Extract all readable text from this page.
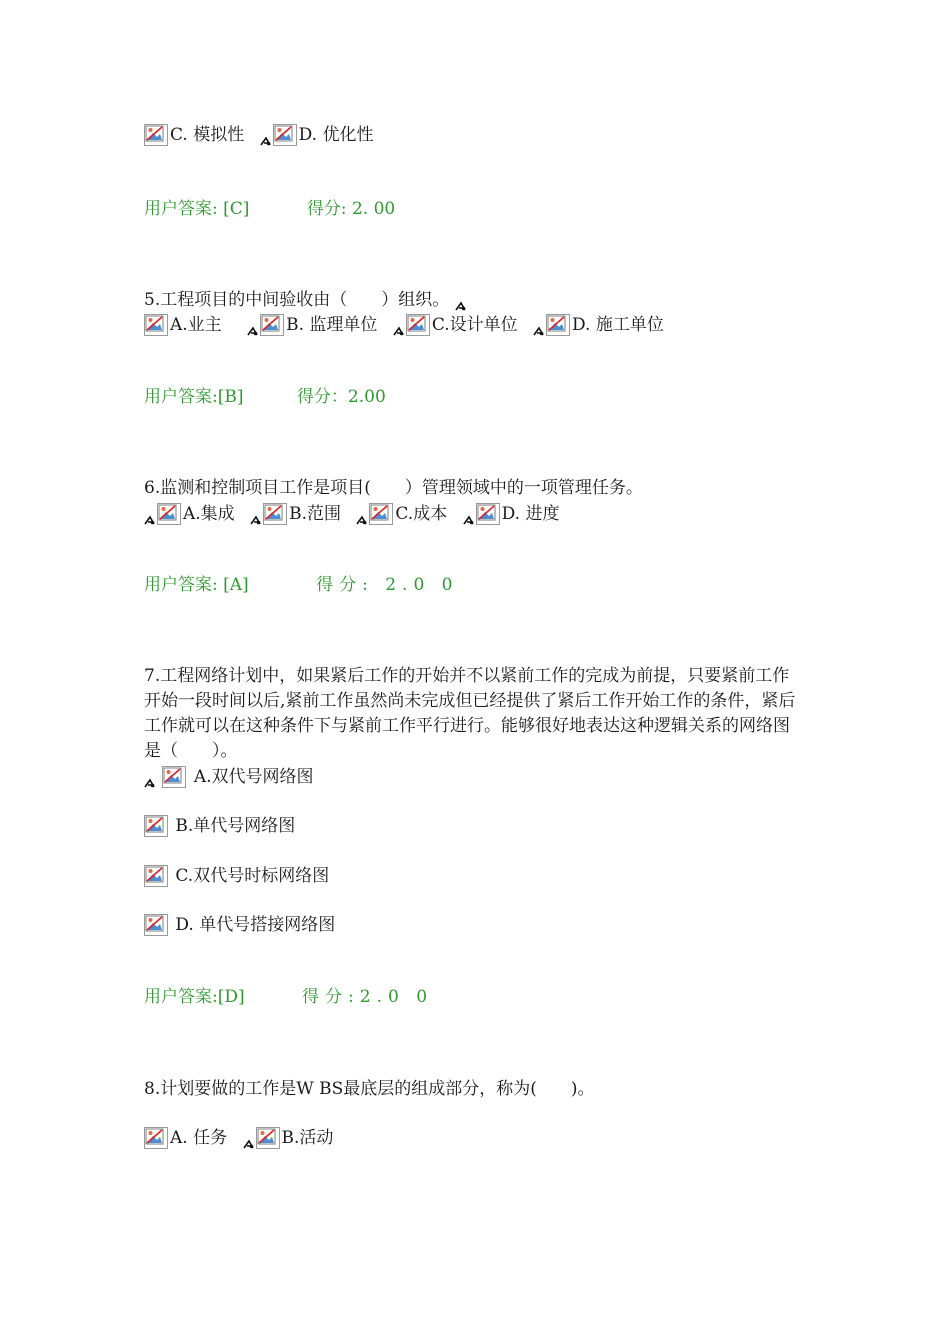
C. 模拟性
	D. 优化性
用户答案: [C]	得分: 2. 00
5.工程项目的中间验收由（　　）组织。
A.业主
	B. 监理单位
	C.设计单位
	D. 施工单位
用户答案:[B]	得分：2.00
6.监测和控制项目工作是项目(　　）管理领域中的一项管理任务。
A.集成
	B.范围
	C.成本
	D. 进度
用户答案: [A]	得分: 2.0 0
7.工程网络计划中，如果紧后工作的开始并不以紧前工作的完成为前提，只要紧前工作开始一段时间以后,紧前工作虽然尚未完成但已经提供了紧后工作开始工作的条件，紧后工作就可以在这种条件下与紧前工作平行进行。能够很好地表达这种逻辑关系的网络图是（　　）。

A.双代号网络图
B.单代号网络图
C.双代号时标网络图
D. 单代号搭接网络图
用户答案:[D]	得分:2.0 0
8.计划要做的工作是W BS最底层的组成部分，称为(　　)。
A. 任务
	B.活动
